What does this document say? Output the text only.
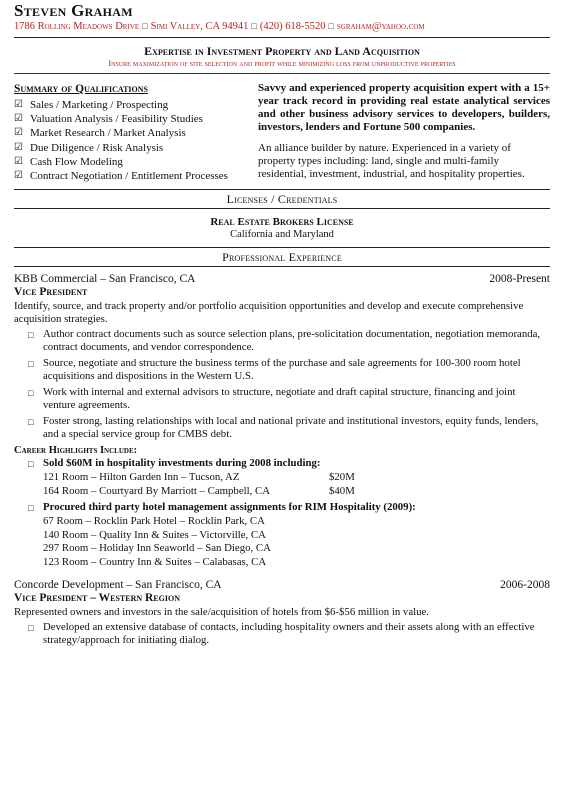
Steven Graham
1786 Rolling Meadows Drive □ Simi Valley, CA 94941 □ (420) 618-5520 □ sgraham@yahoo.com
Expertise in Investment Property and Land Acquisition
Insure maximization of site selection and profit while minimizing loss from unproductive properties
Summary of Qualifications
☑ Sales / Marketing / Prospecting
☑ Valuation Analysis / Feasibility Studies
☑ Market Research / Market Analysis
☑ Due Diligence / Risk Analysis
☑ Cash Flow Modeling
☑ Contract Negotiation / Entitlement Processes

Savvy and experienced property acquisition expert with a 15+ year track record in providing real estate analytical services and other business advisory services to developers, builders, investors, lenders and Fortune 500 companies.

An alliance builder by nature. Experienced in a variety of property types including: land, single and multi-family residential, investment, industrial, and hospitality properties.

Licenses / Credentials
Real Estate Brokers License
California and Maryland
Professional Experience
KBB Commercial – San Francisco, CA	2008-Present
Vice President

Identify, source, and track property and/or portfolio acquisition opportunities and develop and execute comprehensive acquisition strategies.

□ Author contract documents such as source selection plans, pre-solicitation documentation, negotiation memoranda, contract documents, and vendor correspondence.
□ Source, negotiate and structure the business terms of the purchase and sale agreements for 100-300 room hotel acquisitions and dispositions in the Western U.S.
□ Work with internal and external advisors to structure, negotiate and draft capital structure, financing and joint venture agreements.
□ Foster strong, lasting relationships with local and national private and institutional investors, equity funds, lenders, and a special service group for CMBS debt.
Career Highlights Include:
□ Sold $60M in hospitality investments during 2008 including:
121 Room – Hilton Garden Inn – Tucson, AZ	$20M
164 Room – Courtyard By Marriott – Campbell, CA	$40M
□ Procured third party hotel management assignments for RIM Hospitality (2009):
67 Room – Rocklin Park Hotel – Rocklin Park, CA
140 Room – Quality Inn & Suites – Victorville, CA
297 Room – Holiday Inn Seaworld – San Diego, CA
123 Room – Country Inn & Suites – Calabasas, CA
Concorde Development – San Francisco, CA	2006-2008
Vice President – Western Region

Represented owners and investors in the sale/acquisition of hotels from $6-$56 million in value.

□ Developed an extensive database of contacts, including hospitality owners and their assets along with an effective strategy/approach for initiating dialog.
